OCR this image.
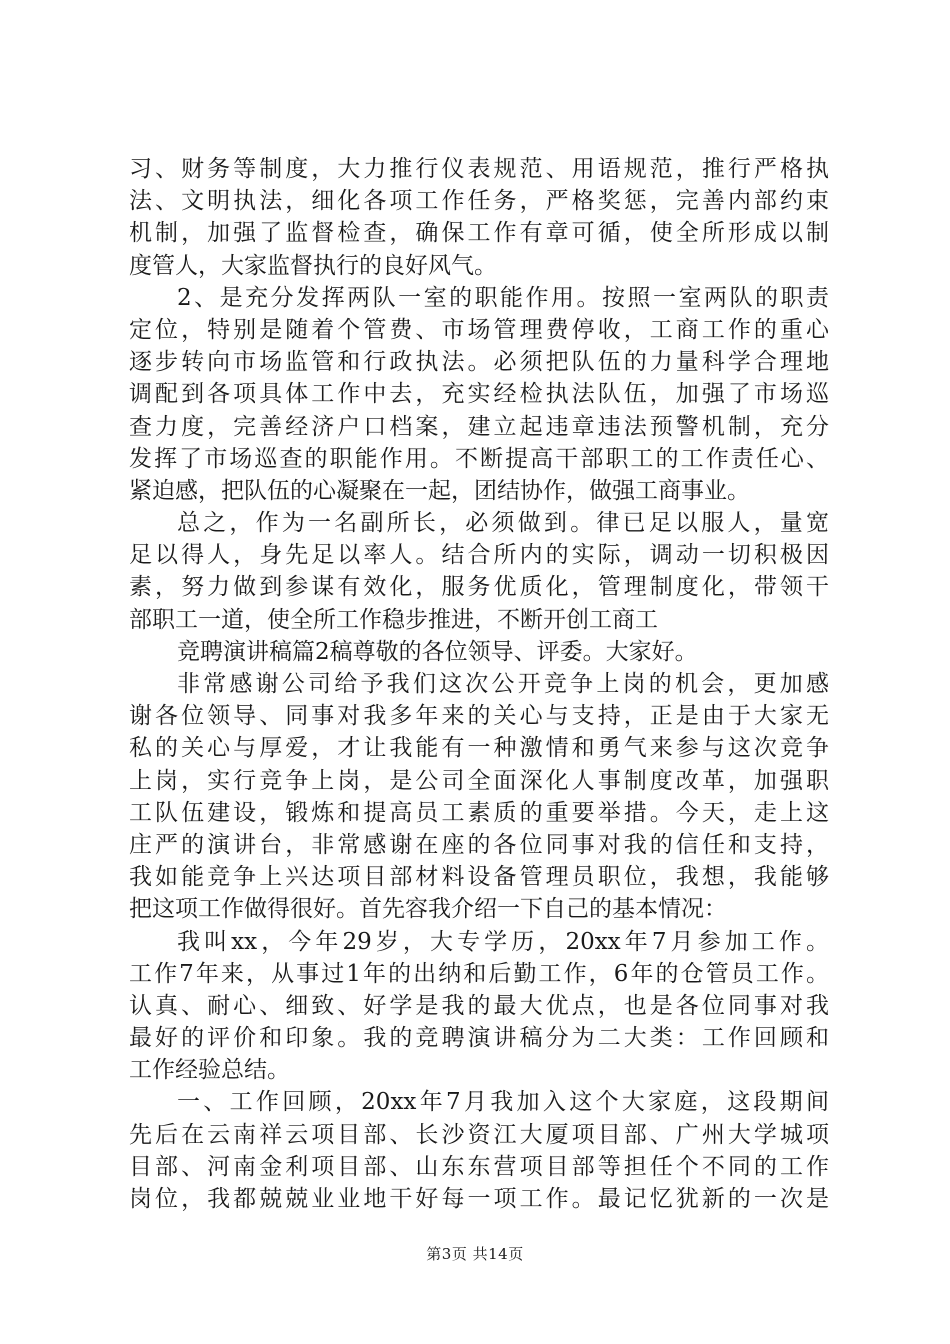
习、财务等制度，大力推行仪表规范、用语规范，推行严格执
法、文明执法，细化各项工作任务，严格奖惩，完善内部约束
机制，加强了监督检查，确保工作有章可循，使全所形成以制
度管人，大家监督执行的良好风气。
2、是充分发挥两队一室的职能作用。按照一室两队的职责
定位，特别是随着个管费、市场管理费停收，工商工作的重心
逐步转向市场监管和行政执法。必须把队伍的力量科学合理地
调配到各项具体工作中去，充实经检执法队伍，加强了市场巡
查力度，完善经济户口档案，建立起违章违法预警机制，充分
发挥了市场巡查的职能作用。不断提高干部职工的工作责任心、
紧迫感，把队伍的心凝聚在一起，团结协作，做强工商事业。
总之，作为一名副所长，必须做到。律已足以服人，量宽
足以得人，身先足以率人。结合所内的实际，调动一切积极因
素，努力做到参谋有效化，服务优质化，管理制度化，带领干
部职工一道，使全所工作稳步推进，不断开创工商工
竞聘演讲稿篇2稿尊敬的各位领导、评委。大家好。
非常感谢公司给予我们这次公开竞争上岗的机会，更加感
谢各位领导、同事对我多年来的关心与支持，正是由于大家无
私的关心与厚爱，才让我能有一种激情和勇气来参与这次竞争
上岗，实行竞争上岗，是公司全面深化人事制度改革，加强职
工队伍建设，锻炼和提高员工素质的重要举措。今天，走上这
庄严的演讲台，非常感谢在座的各位同事对我的信任和支持，
我如能竞争上兴达项目部材料设备管理员职位，我想，我能够
把这项工作做得很好。首先容我介绍一下自己的基本情况：
我叫xx，今年29岁，大专学历，20xx年7月参加工作。
工作7年来，从事过1年的出纳和后勤工作，6年的仓管员工作。
认真、耐心、细致、好学是我的最大优点，也是各位同事对我
最好的评价和印象。我的竞聘演讲稿分为二大类：工作回顾和
工作经验总结。
一、工作回顾，20xx年7月我加入这个大家庭，这段期间
先后在云南祥云项目部、长沙资江大厦项目部、广州大学城项
目部、河南金利项目部、山东东营项目部等担任个不同的工作
岗位，我都兢兢业业地干好每一项工作。最记忆犹新的一次是
第3页 共14页
